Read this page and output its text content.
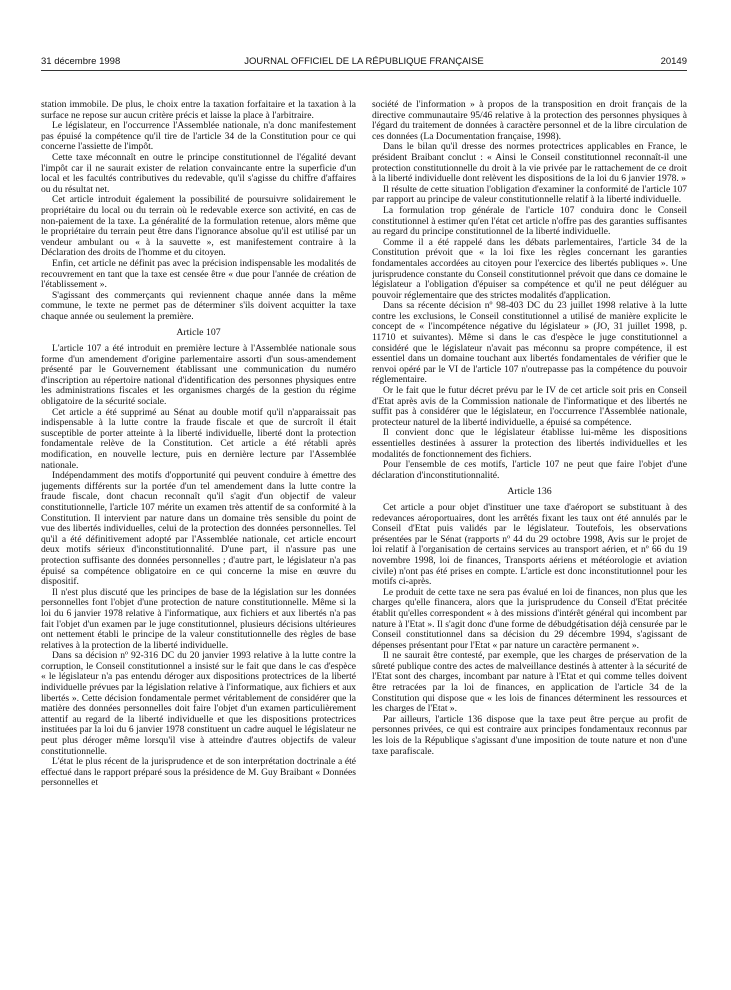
31 décembre 1998	JOURNAL OFFICIEL DE LA RÉPUBLIQUE FRANÇAISE	20149

station immobile. De plus, le choix entre la taxation forfaitaire et la taxation à la surface ne repose sur aucun critère précis et laisse la place à l'arbitraire.

Le législateur, en l'occurrence l'Assemblée nationale, n'a donc manifestement pas épuisé la compétence qu'il tire de l'article 34 de la Constitution pour ce qui concerne l'assiette de l'impôt.

Cette taxe méconnaît en outre le principe constitutionnel de l'égalité devant l'impôt car il ne saurait exister de relation convaincante entre la superficie d'un local et les facultés contributives du redevable, qu'il s'agisse du chiffre d'affaires ou du résultat net.

Cet article introduit également la possibilité de poursuivre solidairement le propriétaire du local ou du terrain où le redevable exerce son activité, en cas de non-paiement de la taxe. La généralité de la formulation retenue, alors même que le propriétaire du terrain peut être dans l'ignorance absolue qu'il est utilisé par un vendeur ambulant ou « à la sauvette », est manifestement contraire à la Déclaration des droits de l'homme et du citoyen.

Enfin, cet article ne définit pas avec la précision indispensable les modalités de recouvrement en tant que la taxe est censée être « due pour l'année de création de l'établissement ».

S'agissant des commerçants qui reviennent chaque année dans la même commune, le texte ne permet pas de déterminer s'ils doivent acquitter la taxe chaque année ou seulement la première.

Article 107

L'article 107 a été introduit en première lecture à l'Assemblée nationale sous forme d'un amendement d'origine parlementaire assorti d'un sous-amendement présenté par le Gouvernement établissant une communication du numéro d'inscription au répertoire national d'identification des personnes physiques entre les administrations fiscales et les organismes chargés de la gestion du régime obligatoire de la sécurité sociale.

Cet article a été supprimé au Sénat au double motif qu'il n'apparaissait pas indispensable à la lutte contre la fraude fiscale et que de surcroît il était susceptible de porter atteinte à la liberté individuelle, liberté dont la protection fondamentale relève de la Constitution. Cet article a été rétabli après modification, en nouvelle lecture, puis en dernière lecture par l'Assemblée nationale.

Indépendamment des motifs d'opportunité qui peuvent conduire à émettre des jugements différents sur la portée d'un tel amendement dans la lutte contre la fraude fiscale, dont chacun reconnaît qu'il s'agit d'un objectif de valeur constitutionnelle, l'article 107 mérite un examen très attentif de sa conformité à la Constitution. Il intervient par nature dans un domaine très sensible du point de vue des libertés individuelles, celui de la protection des données personnelles. Tel qu'il a été définitivement adopté par l'Assemblée nationale, cet article encourt deux motifs sérieux d'inconstitutionnalité. D'une part, il n'assure pas une protection suffisante des données personnelles ; d'autre part, le législateur n'a pas épuisé sa compétence obligatoire en ce qui concerne la mise en œuvre du dispositif.

Il n'est plus discuté que les principes de base de la législation sur les données personnelles font l'objet d'une protection de nature constitutionnelle. Même si la loi du 6 janvier 1978 relative à l'informatique, aux fichiers et aux libertés n'a pas fait l'objet d'un examen par le juge constitutionnel, plusieurs décisions ultérieures ont nettement établi le principe de la valeur constitutionnelle des règles de base relatives à la protection de la liberté individuelle.

Dans sa décision nº 92-316 DC du 20 janvier 1993 relative à la lutte contre la corruption, le Conseil constitutionnel a insisté sur le fait que dans le cas d'espèce « le législateur n'a pas entendu déroger aux dispositions protectrices de la liberté individuelle prévues par la législation relative à l'informatique, aux fichiers et aux libertés ». Cette décision fondamentale permet véritablement de considérer que la matière des données personnelles doit faire l'objet d'un examen particulièrement attentif au regard de la liberté individuelle et que les dispositions protectrices instituées par la loi du 6 janvier 1978 constituent un cadre auquel le législateur ne peut plus déroger même lorsqu'il vise à atteindre d'autres objectifs de valeur constitutionnelle.

L'état le plus récent de la jurisprudence et de son interprétation doctrinale a été effectué dans le rapport préparé sous la présidence de M. Guy Braibant « Données personnelles et

société de l'information » à propos de la transposition en droit français de la directive communautaire 95/46 relative à la protection des personnes physiques à l'égard du traitement de données à caractère personnel et de la libre circulation de ces données (La Documentation française, 1998).

Dans le bilan qu'il dresse des normes protectrices applicables en France, le président Braibant conclut : « Ainsi le Conseil constitutionnel reconnaît-il une protection constitutionnelle du droit à la vie privée par le rattachement de ce droit à la liberté individuelle dont relèvent les dispositions de la loi du 6 janvier 1978. »

Il résulte de cette situation l'obligation d'examiner la conformité de l'article 107 par rapport au principe de valeur constitutionnelle relatif à la liberté individuelle.

La formulation trop générale de l'article 107 conduira donc le Conseil constitutionnel à estimer qu'en l'état cet article n'offre pas des garanties suffisantes au regard du principe constitutionnel de la liberté individuelle.

Comme il a été rappelé dans les débats parlementaires, l'article 34 de la Constitution prévoit que « la loi fixe les règles concernant les garanties fondamentales accordées au citoyen pour l'exercice des libertés publiques ». Une jurisprudence constante du Conseil constitutionnel prévoit que dans ce domaine le législateur a l'obligation d'épuiser sa compétence et qu'il ne peut déléguer au pouvoir réglementaire que des strictes modalités d'application.

Dans sa récente décision nº 98-403 DC du 23 juillet 1998 relative à la lutte contre les exclusions, le Conseil constitutionnel a utilisé de manière explicite le concept de « l'incompétence négative du législateur » (JO, 31 juillet 1998, p. 11710 et suivantes). Même si dans le cas d'espèce le juge constitutionnel a considéré que le législateur n'avait pas méconnu sa propre compétence, il est essentiel dans un domaine touchant aux libertés fondamentales de vérifier que le renvoi opéré par le VI de l'article 107 n'outrepasse pas la compétence du pouvoir réglementaire.

Or le fait que le futur décret prévu par le IV de cet article soit pris en Conseil d'Etat après avis de la Commission nationale de l'informatique et des libertés ne suffit pas à considérer que le législateur, en l'occurrence l'Assemblée nationale, protecteur naturel de la liberté individuelle, a épuisé sa compétence.

Il convient donc que le législateur établisse lui-même les dispositions essentielles destinées à assurer la protection des libertés individuelles et les modalités de fonctionnement des fichiers.

Pour l'ensemble de ces motifs, l'article 107 ne peut que faire l'objet d'une déclaration d'inconstitutionnalité.

Article 136

Cet article a pour objet d'instituer une taxe d'aéroport se substituant à des redevances aéroportuaires, dont les arrêtés fixant les taux ont été annulés par le Conseil d'Etat puis validés par le législateur. Toutefois, les observations présentées par le Sénat (rapports nº 44 du 29 octobre 1998, Avis sur le projet de loi relatif à l'organisation de certains services au transport aérien, et nº 66 du 19 novembre 1998, loi de finances, Transports aériens et météorologie et aviation civile) n'ont pas été prises en compte. L'article est donc inconstitutionnel pour les motifs ci-après.

Le produit de cette taxe ne sera pas évalué en loi de finances, non plus que les charges qu'elle financera, alors que la jurisprudence du Conseil d'Etat précitée établit qu'elles correspondent « à des missions d'intérêt général qui incombent par nature à l'Etat ». Il s'agit donc d'une forme de débudgétisation déjà censurée par le Conseil constitutionnel dans sa décision du 29 décembre 1994, s'agissant de dépenses présentant pour l'Etat « par nature un caractère permanent ».

Il ne saurait être contesté, par exemple, que les charges de préservation de la sûreté publique contre des actes de malveillance destinés à attenter à la sécurité de l'Etat sont des charges, incombant par nature à l'Etat et qui comme telles doivent être retracées par la loi de finances, en application de l'article 34 de la Constitution qui dispose que « les lois de finances déterminent les ressources et les charges de l'Etat ».

Par ailleurs, l'article 136 dispose que la taxe peut être perçue au profit de personnes privées, ce qui est contraire aux principes fondamentaux reconnus par les lois de la République s'agissant d'une imposition de toute nature et non d'une taxe parafiscale.
